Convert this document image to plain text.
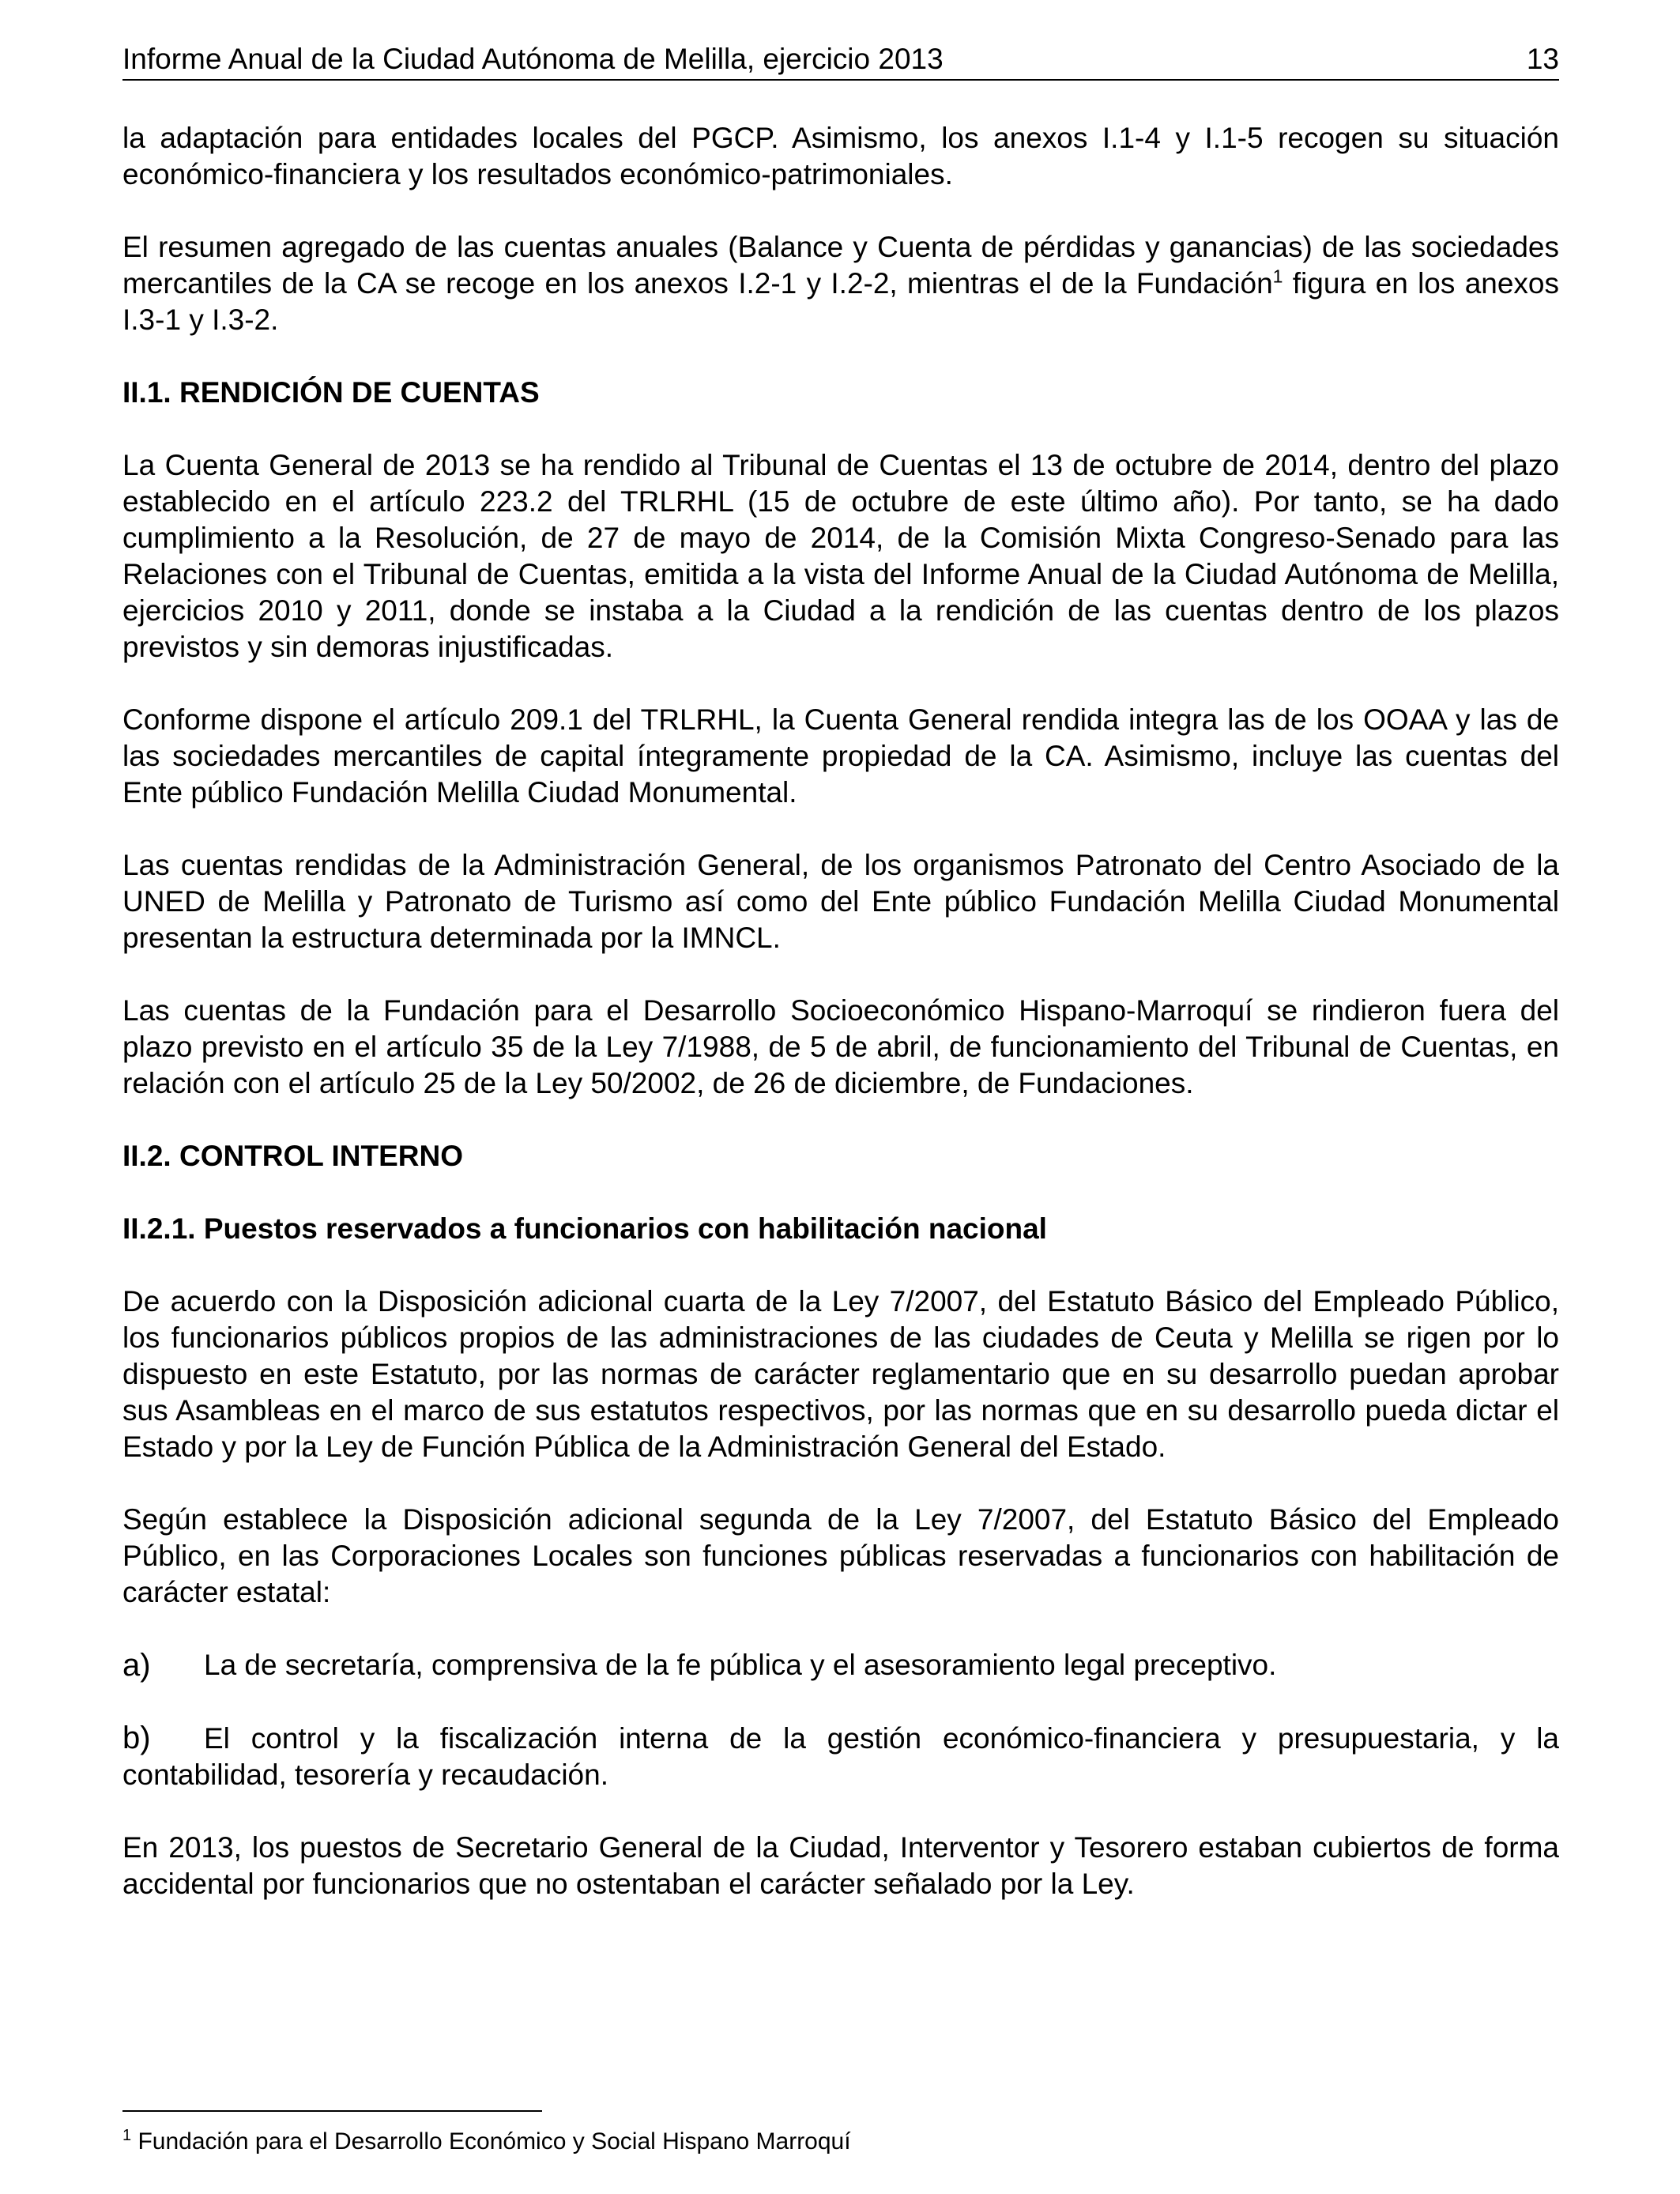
Informe Anual de la Ciudad Autónoma de Melilla, ejercicio 2013	13

la adaptación para entidades locales del PGCP. Asimismo, los anexos I.1-4 y I.1-5 recogen su situación económico-financiera y los resultados económico-patrimoniales.

El resumen agregado de las cuentas anuales (Balance y Cuenta de pérdidas y ganancias) de las sociedades mercantiles de la CA se recoge en los anexos I.2-1 y I.2-2, mientras el de la Fundación$^1$ figura en los anexos I.3-1 y I.3-2.

II.1. RENDICIÓN DE CUENTAS

La Cuenta General de 2013 se ha rendido al Tribunal de Cuentas el 13 de octubre de 2014, dentro del plazo establecido en el artículo 223.2 del TRLRHL (15 de octubre de este último año). Por tanto, se ha dado cumplimiento a la Resolución, de 27 de mayo de 2014, de la Comisión Mixta Congreso-Senado para las Relaciones con el Tribunal de Cuentas, emitida a la vista del Informe Anual de la Ciudad Autónoma de Melilla, ejercicios 2010 y 2011, donde se instaba a la Ciudad a la rendición de las cuentas dentro de los plazos previstos y sin demoras injustificadas.

Conforme dispone el artículo 209.1 del TRLRHL, la Cuenta General rendida integra las de los OOAA y las de las sociedades mercantiles de capital íntegramente propiedad de la CA. Asimismo, incluye las cuentas del Ente público Fundación Melilla Ciudad Monumental.

Las cuentas rendidas de la Administración General, de los organismos Patronato del Centro Asociado de la UNED de Melilla y Patronato de Turismo así como del Ente público Fundación Melilla Ciudad Monumental presentan la estructura determinada por la IMNCL.

Las cuentas de la Fundación para el Desarrollo Socioeconómico Hispano-Marroquí se rindieron fuera del plazo previsto en el artículo 35 de la Ley 7/1988, de 5 de abril, de funcionamiento del Tribunal de Cuentas, en relación con el artículo 25 de la Ley 50/2002, de 26 de diciembre, de Fundaciones.

II.2. CONTROL INTERNO
II.2.1. Puestos reservados a funcionarios con habilitación nacional

De acuerdo con la Disposición adicional cuarta de la Ley 7/2007, del Estatuto Básico del Empleado Público, los funcionarios públicos propios de las administraciones de las ciudades de Ceuta y Melilla se rigen por lo dispuesto en este Estatuto, por las normas de carácter reglamentario que en su desarrollo puedan aprobar sus Asambleas en el marco de sus estatutos respectivos, por las normas que en su desarrollo pueda dictar el Estado y por la Ley de Función Pública de la Administración General del Estado.

Según establece la Disposición adicional segunda de la Ley 7/2007, del Estatuto Básico del Empleado Público, en las Corporaciones Locales son funciones públicas reservadas a funcionarios con habilitación de carácter estatal:

a)	La de secretaría, comprensiva de la fe pública y el asesoramiento legal preceptivo.

b) El control y la fiscalización interna de la gestión económico-financiera y presupuestaria, y la contabilidad, tesorería y recaudación.

En 2013, los puestos de Secretario General de la Ciudad, Interventor y Tesorero estaban cubiertos de forma accidental por funcionarios que no ostentaban el carácter señalado por la Ley.

$^1$ Fundación para el Desarrollo Económico y Social Hispano Marroquí
